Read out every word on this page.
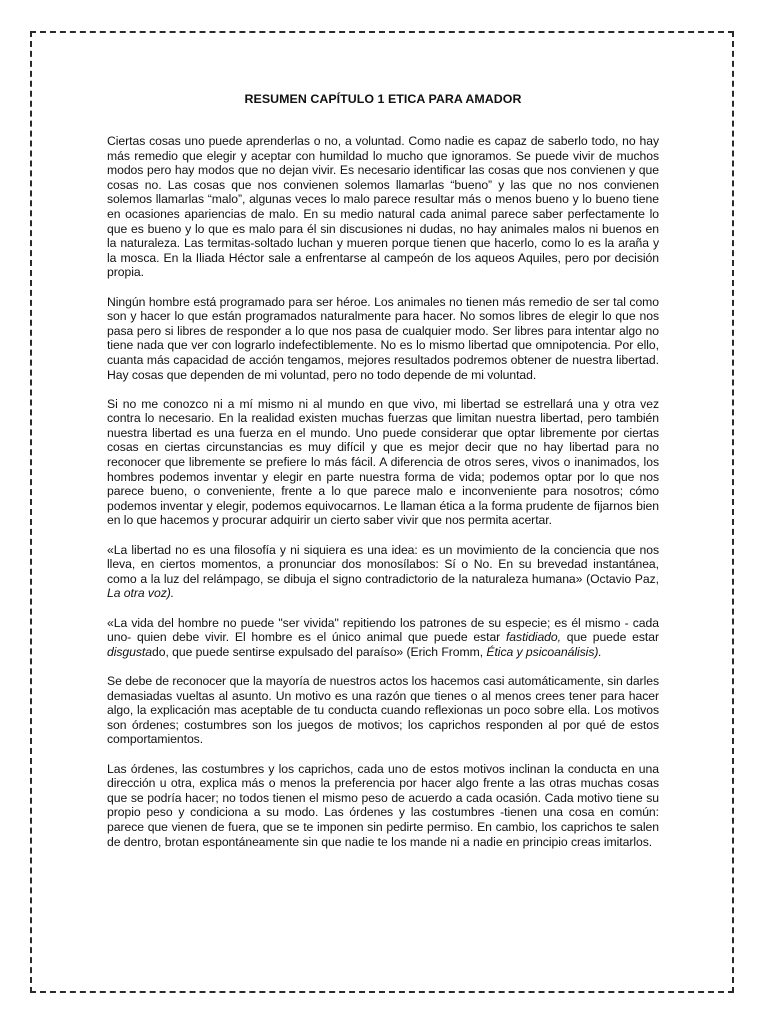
RESUMEN CAPÍTULO 1 ETICA PARA AMADOR

Ciertas cosas uno puede aprenderlas o no, a voluntad. Como nadie es capaz de saberlo todo, no hay más remedio que elegir y aceptar con humildad lo mucho que ignoramos. Se puede vivir de muchos modos pero hay modos que no dejan vivir. Es necesario identificar las cosas que nos convienen y que cosas no. Las cosas que nos convienen solemos llamarlas “bueno” y las que no nos convienen solemos llamarlas “malo”, algunas veces lo malo parece resultar más o menos bueno y lo bueno tiene en ocasiones apariencias de malo. En su medio natural cada animal parece saber perfectamente lo que es bueno y lo que es malo para él sin discusiones ni dudas, no hay animales malos ni buenos en la naturaleza. Las termitas-soltado luchan y mueren porque tienen que hacerlo, como lo es la araña y la mosca. En la Iliada Héctor sale a enfrentarse al campeón de los aqueos Aquiles, pero por decisión propia.

Ningún hombre está programado para ser héroe. Los animales no tienen más remedio de ser tal como son y hacer lo que están programados naturalmente para hacer. No somos libres de elegir lo que nos pasa pero si libres de responder a lo que nos pasa de cualquier modo. Ser libres para intentar algo no tiene nada que ver con lograrlo indefectiblemente. No es lo mismo libertad que omnipotencia. Por ello, cuanta más capacidad de acción tengamos, mejores resultados podremos obtener de nuestra libertad. Hay cosas que dependen de mi voluntad, pero no todo depende de mi voluntad.

Si no me conozco ni a mí mismo ni al mundo en que vivo, mi libertad se estrellará una y otra vez contra lo necesario. En la realidad existen muchas fuerzas que limitan nuestra libertad, pero también nuestra libertad es una fuerza en el mundo. Uno puede considerar que optar libremente por ciertas cosas en ciertas circunstancias es muy difícil y que es mejor decir que no hay libertad para no reconocer que libremente se prefiere lo más fácil. A diferencia de otros seres, vivos o inanimados, los hombres podemos inventar y elegir en parte nuestra forma de vida; podemos optar por lo que nos parece bueno, o conveniente, frente a lo que parece malo e inconveniente para nosotros; cómo podemos inventar y elegir, podemos equivocarnos. Le llaman ética a la forma prudente de fijarnos bien en lo que hacemos y procurar adquirir un cierto saber vivir que nos permita acertar.

«La libertad no es una filosofía y ni siquiera es una idea: es un movimiento de la conciencia que nos lleva, en ciertos momentos, a pronunciar dos monosílabos: Sí o No. En su brevedad instantánea, como a la luz del relámpago, se dibuja el signo contradictorio de la naturaleza humana» (Octavio Paz, La otra voz).

«La vida del hombre no puede "ser vivida" repitiendo los patrones de su especie; es él mismo - cada uno- quien debe vivir. El hombre es el único animal que puede estar fastidiado, que puede estar disgustado, que puede sentirse expulsado del paraíso» (Erich Fromm, Ética y psicoanálisis).

Se debe de reconocer que la mayoría de nuestros actos los hacemos casi automáticamente, sin darles demasiadas vueltas al asunto. Un motivo es una razón que tienes o al menos crees tener para hacer algo, la explicación mas aceptable de tu conducta cuando reflexionas un poco sobre ella. Los motivos son órdenes; costumbres son los juegos de motivos; los caprichos responden al por qué de estos comportamientos.

Las órdenes, las costumbres y los caprichos, cada uno de estos motivos inclinan la conducta en una dirección u otra, explica más o menos la preferencia por hacer algo frente a las otras muchas cosas que se podría hacer; no todos tienen el mismo peso de acuerdo a cada ocasión. Cada motivo tiene su propio peso y condiciona a su modo. Las órdenes y las costumbres -tienen una cosa en común: parece que vienen de fuera, que se te imponen sin pedirte permiso. En cambio, los caprichos te salen de dentro, brotan espontáneamente sin que nadie te los mande ni a nadie en principio creas imitarlos.
